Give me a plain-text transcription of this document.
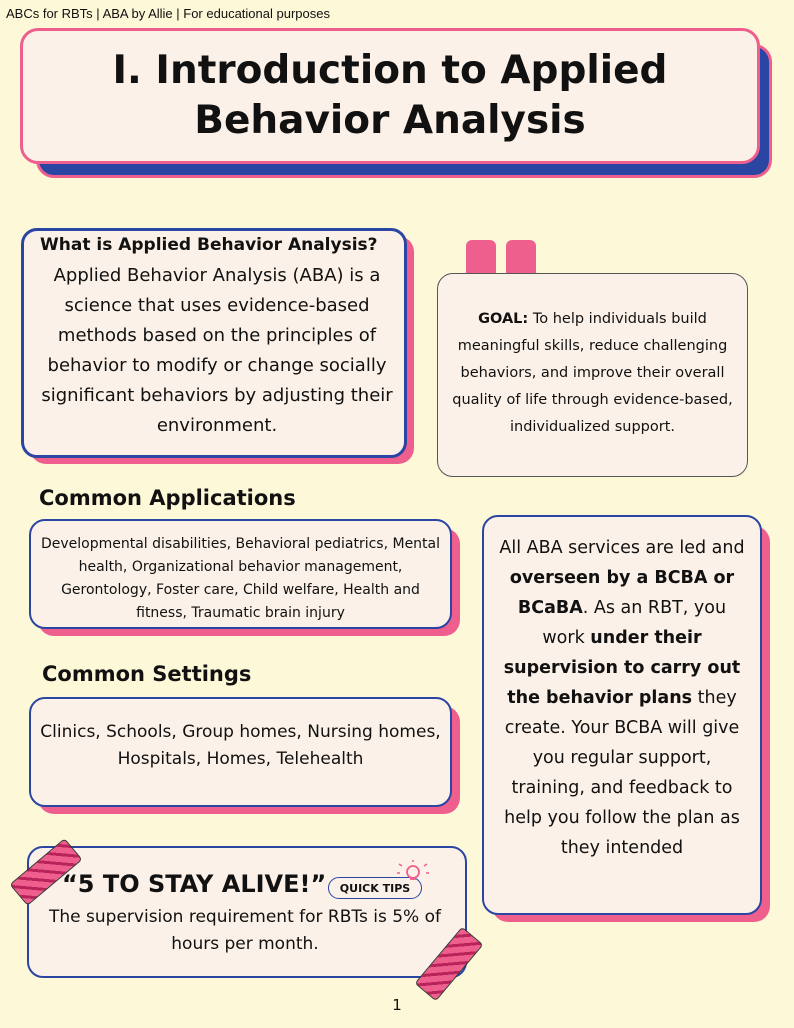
ABCs for RBTs | ABA by Allie | For educational purposes
I. Introduction to Applied Behavior Analysis
What is Applied Behavior Analysis?
Applied Behavior Analysis (ABA) is a science that uses evidence-based methods based on the principles of behavior to modify or change socially significant behaviors by adjusting their environment.
GOAL: To help individuals build meaningful skills, reduce challenging behaviors, and improve their overall quality of life through evidence-based, individualized support.
Common Applications
Developmental disabilities, Behavioral pediatrics, Mental health, Organizational behavior management, Gerontology, Foster care, Child welfare, Health and fitness, Traumatic brain injury
Common Settings
Clinics, Schools, Group homes, Nursing homes, Hospitals, Homes, Telehealth
All ABA services are led and overseen by a BCBA or BCaBA. As an RBT, you work under their supervision to carry out the behavior plans they create. Your BCBA will give you regular support, training, and feedback to help you follow the plan as they intended
“5 TO STAY ALIVE!”	QUICK TIPS
The supervision requirement for RBTs is 5% of hours per month.
1
